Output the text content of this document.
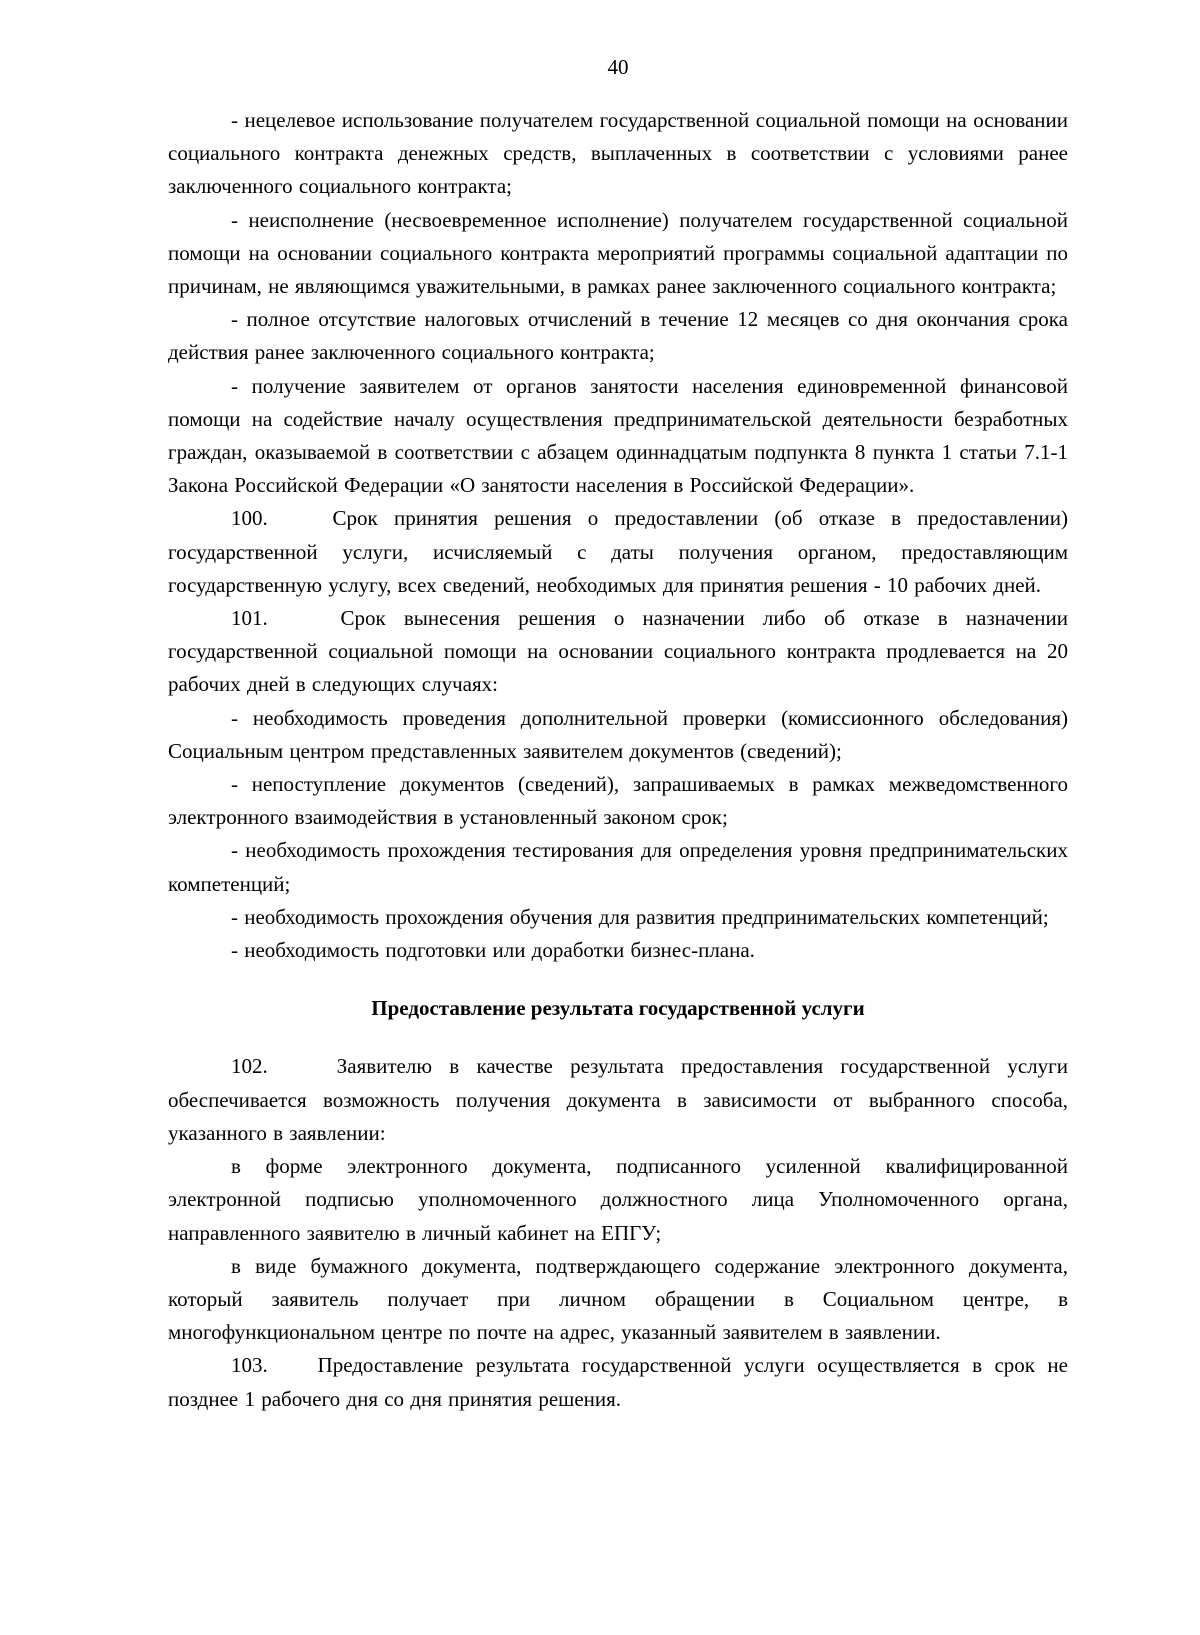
40

- нецелевое использование получателем государственной социальной помощи на основании социального контракта денежных средств, выплаченных в соответствии с условиями ранее заключенного социального контракта;

- неисполнение (несвоевременное исполнение) получателем государственной социальной помощи на основании социального контракта мероприятий программы социальной адаптации по причинам, не являющимся уважительными, в рамках ранее заключенного социального контракта;

- полное отсутствие налоговых отчислений в течение 12 месяцев со дня окончания срока действия ранее заключенного социального контракта;

- получение заявителем от органов занятости населения единовременной финансовой помощи на содействие началу осуществления предпринимательской деятельности безработных граждан, оказываемой в соответствии с абзацем одиннадцатым подпункта 8 пункта 1 статьи 7.1-1 Закона Российской Федерации «О занятости населения в Российской Федерации».

100.    Срок принятия решения о предоставлении (об отказе в предоставлении) государственной услуги, исчисляемый с даты получения органом, предоставляющим государственную услугу, всех сведений, необходимых для принятия решения - 10 рабочих дней.

101.    Срок вынесения решения о назначении либо об отказе в назначении государственной социальной помощи на основании социального контракта продлевается на 20 рабочих дней в следующих случаях:

- необходимость проведения дополнительной проверки (комиссионного обследования) Социальным центром представленных заявителем документов (сведений);

- непоступление документов (сведений), запрашиваемых в рамках межведомственного электронного взаимодействия в установленный законом срок;

- необходимость прохождения тестирования для определения уровня предпринимательских компетенций;

- необходимость прохождения обучения для развития предпринимательских компетенций;

- необходимость подготовки или доработки бизнес-плана.

Предоставление результата государственной услуги

102.    Заявителю в качестве результата предоставления государственной услуги обеспечивается возможность получения документа в зависимости от выбранного способа, указанного в заявлении:

в форме электронного документа, подписанного усиленной квалифицированной электронной подписью уполномоченного должностного лица Уполномоченного органа, направленного заявителю в личный кабинет на ЕПГУ;

в виде бумажного документа, подтверждающего содержание электронного документа, который заявитель получает при личном обращении в Социальном центре, в многофункциональном центре по почте на адрес, указанный заявителем в заявлении.

103.    Предоставление результата государственной услуги осуществляется в срок не позднее 1 рабочего дня со дня принятия решения.
